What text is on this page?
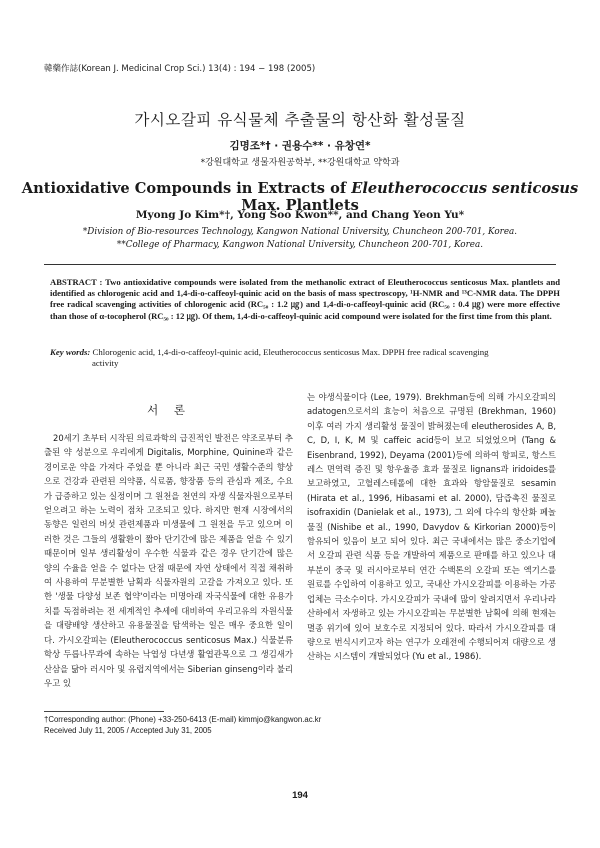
韓藥作誌(Korean J. Medicinal Crop Sci.) 13(4) : 194 − 198 (2005)
가시오갈피 유식물체 추출물의 항산화 활성물질
김명조*† · 권용수** · 유창연*
*강원대학교 생물자원공학부, **강원대학교 약학과
Antioxidative Compounds in Extracts of Eleutherococcus senticosus Max. Plantlets
Myong Jo Kim*†, Yong Soo Kwon**, and Chang Yeon Yu*
*Division of Bio-resources Technology, Kangwon National University, Chuncheon 200-701, Korea.
**College of Pharmacy, Kangwon National University, Chuncheon 200-701, Korea.
ABSTRACT : Two antioxidative compounds were isolated from the methanolic extract of Eleutherococcus senticosus Max. plantlets and identified as chlorogenic acid and 1,4-di-o-caffeoyl-quinic acid on the basis of mass spectroscopy, ¹H-NMR and ¹³C-NMR data. The DPPH free radical scavenging activities of chlorogenic acid (RC₅₀ : 1.2 ㎍) and 1,4-di-o-caffeoyl-quinic acid (RC₅₀ : 0.4 ㎍) were more effective than those of α-tocopherol (RC₅₀ : 12 ㎍). Of them, 1,4-di-o-caffeoyl-quinic acid compound were isolated for the first time from this plant.
Key words: Chlorogenic acid, 1,4-di-o-caffeoyl-quinic acid, Eleutherococcus senticosus Max. DPPH free radical scavenging
activity
서 론

20세기 초부터 시작된 의료과학의 급진적인 발전은 약조로부터 추출된 약 성분으로 우리에게 Digitalis, Morphine, Quinine과 같은 경이로운 약을 가져다 주었을 뿐 아니라 최근 국민 생활수준의 향상으로 건강과 관련된 의약품, 식료품, 향장품 등의 관심과 제조, 수요가 급증하고 있는 실정이며 그 원천을 천연의 자생 식물자원으로부터 얻으려고 하는 노력이 점차 고조되고 있다. 하지만 현재 시장에서의 동향은 일련의 버섯 관련제품과 미생물에 그 원천을 두고 있으며 이러한 것은 그들의 생활환이 짧아 단기간에 많은 제품을 얻을 수 있기 때문이며 일부 생리활성이 우수한 식물과 같은 경우 단기간에 많은 양의 수율을 얻을 수 없다는 단점 때문에 자연 상태에서 직접 채취하여 사용하여 무분별한 남획과 식물자원의 고갈을 가져오고 있다. 또한 '생물 다양성 보존 협약'이라는 미명아래 자국식물에 대한 유용가치를 독점하려는 전 세계적인 추세에 대비하여 우리고유의 자원식물을 대량배양 생산하고 유용물질을 탐색하는 일은 매우 중요한 일이다. 가시오갈피는 (Eleutherococcus senticosus Max.) 식물분류학상 두릅나무과에 속하는 낙엽성 다년생 활엽관목으로 그 생김새가 산삼을 닮아 러시아 및 유럽지역에서는 Siberian ginseng이라 불리 우고 있

는 야생식물이다 (Lee, 1979). Brekhman등에 의해 가시오갈피의 adatogen으로서의 효능이 처음으로 규명된 (Brekhman, 1960) 이후 여러 가지 생리활성 물질이 밝혀졌는데 eleutherosides A, B, C, D, I, K, M 및 caffeic acid등이 보고 되었었으며 (Tang & Eisenbrand, 1992), Deyama (2001)등에 의하여 항피로, 항스트레스 면역력 증진 및 항우울증 효과 물질로 lignans과 iridoides를 보고하였고, 고혈레스테롤에 대한 효과와 항암물질로 sesamin (Hirata et al., 1996, Hibasami et al. 2000), 담즙촉진 물질로 isofraxidin (Danielak et al., 1973), 그 외에 다수의 항산화 페놀물질 (Nishibe et al., 1990, Davydov & Kirkorian 2000)등이 함유되어 있음이 보고 되어 있다. 최근 국내에서는 많은 중소기업에서 오갈피 관련 식품 등을 개발하여 제품으로 판매를 하고 있으나 대부분이 중국 및 러시아로부터 연간 수백톤의 오갈피 또는 엑기스를 원료를 수입하여 이용하고 있고, 국내산 가시오갈피를 이용하는 가공업체는 극소수이다. 가시오갈피가 국내에 많이 알려지면서 우리나라 산하에서 자생하고 있는 가시오갈피는 무분별한 남획에 의해 현재는 멸종 위기에 있어 보호수로 지정되어 있다. 따라서 가시오갈피를 대량으로 번식시키고자 하는 연구가 오래전에 수행되어져 대량으로 생산하는 시스템이 개발되었다 (Yu et al., 1986).

†Corresponding author: (Phone) +33-250-6413 (E-mail) kimmjo@kangwon.ac.kr
Received July 11, 2005 / Accepted July 31, 2005
194
